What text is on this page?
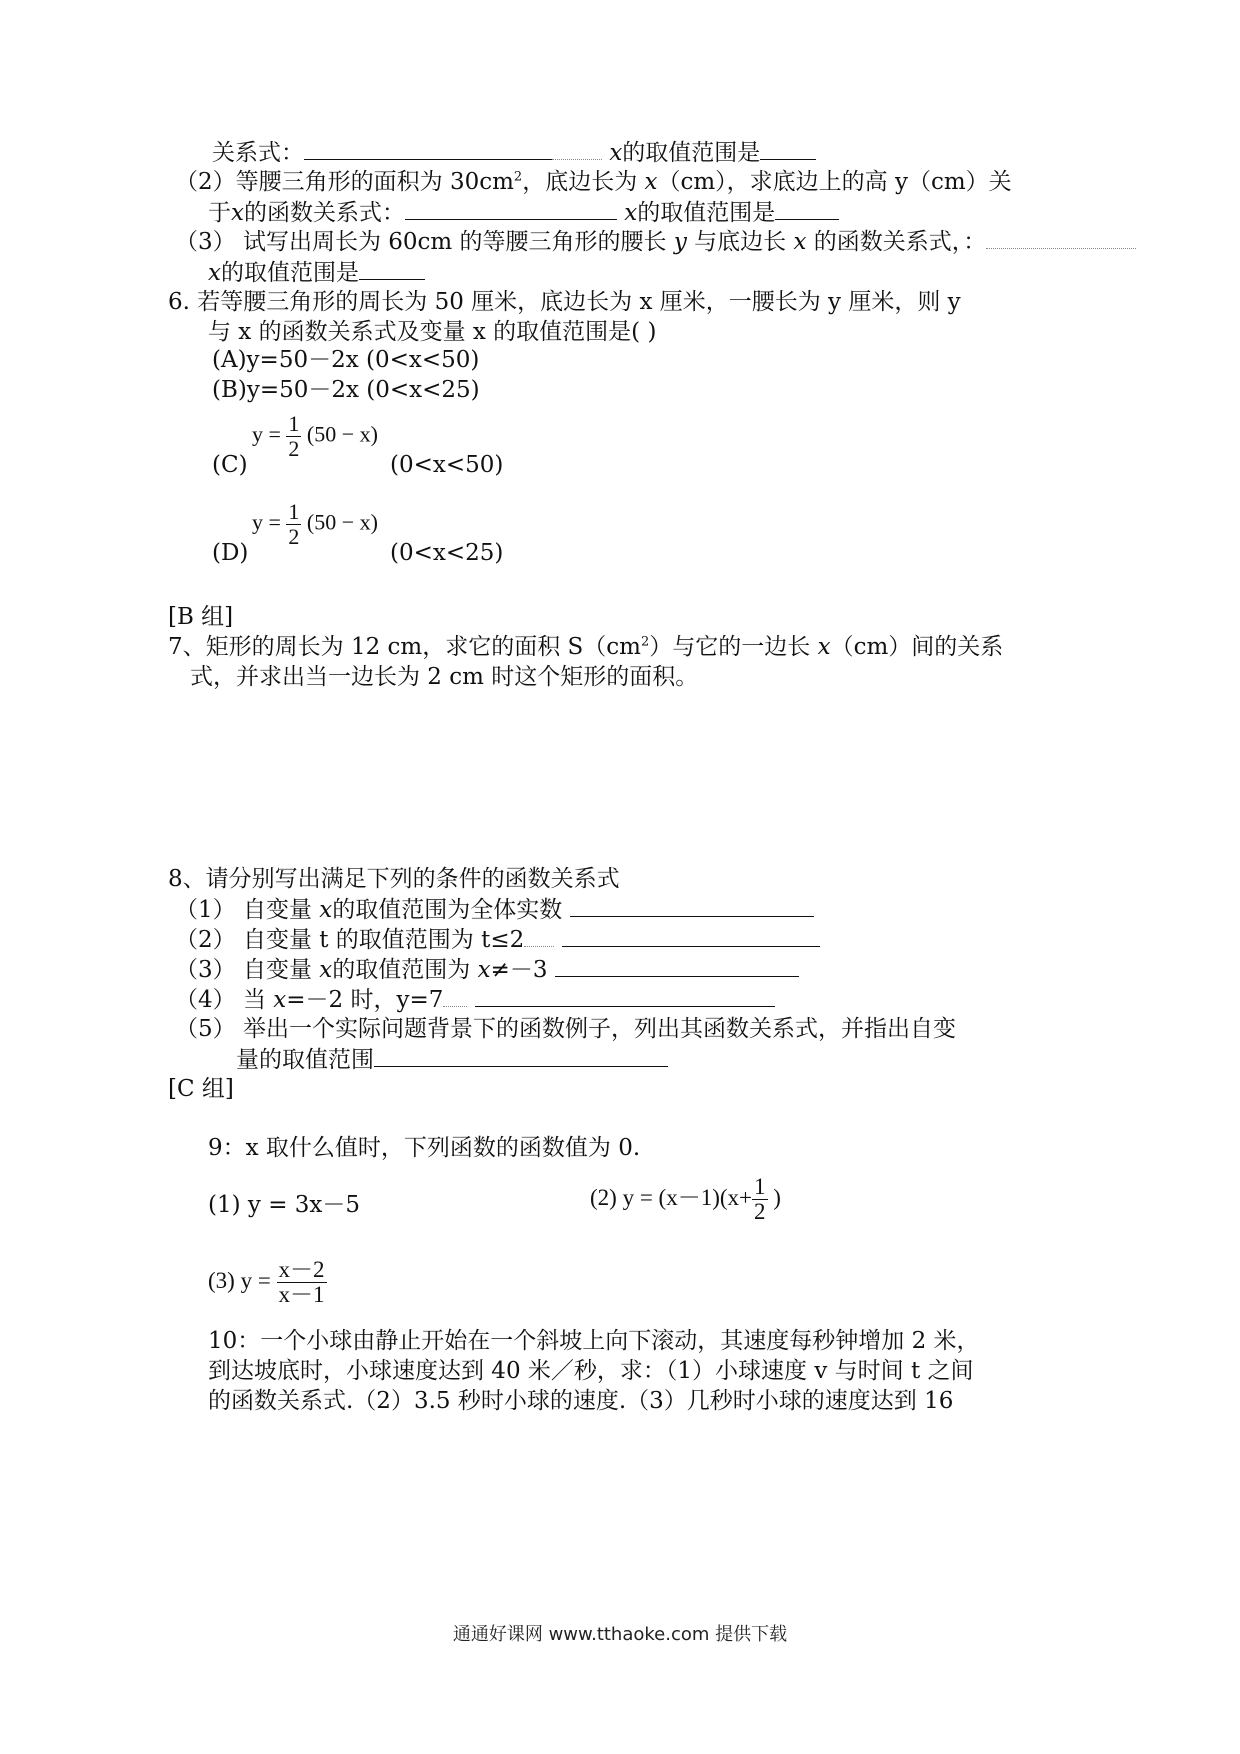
关系式：	x的取值范围是
（2）等腰三角形的面积为 $30cm^2$，底边长为 x（cm），求底边上的高 y（cm）关
于x的函数关系式：	x的取值范围是
（3） 试写出周长为 60cm 的等腰三角形的腰长 y 与底边长 x 的函数关系式，：
x的取值范围是
6. 若等腰三角形的周长为 50 厘米，底边长为 x 厘米，一腰长为 y 厘米，则 y
与 x 的函数关系式及变量 x 的取值范围是( )
(A)y=50－2x (0<x<50)
(B)y=50－2x (0<x<25)
(C)
$y = \frac{1}{2} (50 - x)$
(0<x<50)
(D)
$y = \frac{1}{2} (50 - x)$
(0<x<25)
[B 组]
7、矩形的周长为 12 cm，求它的面积 $S(cm^2)$与它的一边长 x（cm）间的关系
式，并求出当一边长为 2 cm 时这个矩形的面积。
8、请分别写出满足下列的条件的函数关系式
（1） 自变量 x的取值范围为全体实数
（2） 自变量 t 的取值范围为 t≤2
（3） 自变量 x的取值范围为 x≠－3
（4） 当 x=－2 时，y=7
（5） 举出一个实际问题背景下的函数例子，列出其函数关系式，并指出自变
量的取值范围
[C 组]
9：x 取什么值时，下列函数的函数值为 0.
(1) y = 3x－5	(2) $y = (x-1)(x+ \frac{1}{2}$ )
(3) $y = \frac{x-2}{x-1}$
10：一个小球由静止开始在一个斜坡上向下滚动，其速度每秒钟增加 2 米，
到达坡底时，小球速度达到 40 米／秒，求：（1）小球速度 v 与时间 t 之间
的函数关系式.（2）3.5 秒时小球的速度.（3）几秒时小球的速度达到 16
通通好课网 www.tthaoke.com 提供下载
